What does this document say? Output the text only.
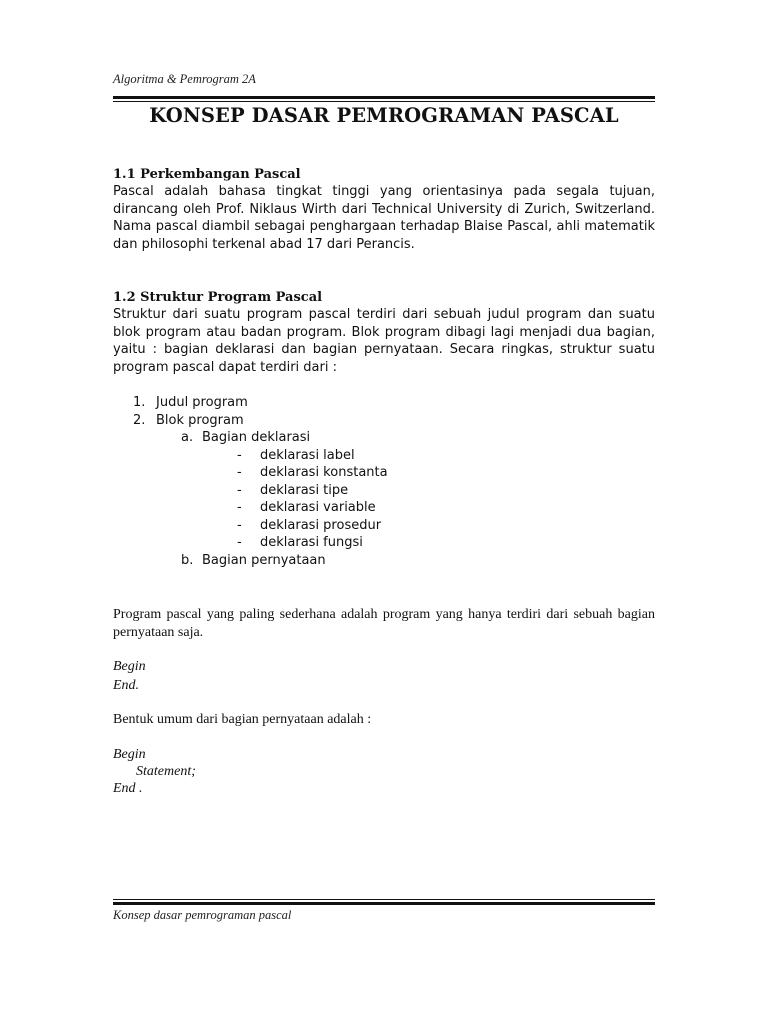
Algoritma & Pemrogram 2A
KONSEP DASAR PEMROGRAMAN PASCAL
1.1 Perkembangan Pascal
Pascal adalah bahasa tingkat tinggi yang orientasinya pada segala tujuan, dirancang oleh Prof. Niklaus Wirth dari Technical University di Zurich, Switzerland. Nama pascal diambil sebagai penghargaan terhadap Blaise Pascal, ahli matematik dan philosophi terkenal abad 17 dari Perancis.
1.2 Struktur Program Pascal
Struktur dari suatu program pascal terdiri dari sebuah judul program dan suatu blok program atau badan program. Blok program dibagi lagi menjadi dua bagian, yaitu : bagian deklarasi dan bagian pernyataan. Secara ringkas, struktur suatu program pascal dapat terdiri dari :
1. Judul program
2. Blok program
a. Bagian deklarasi
- deklarasi label
- deklarasi konstanta
- deklarasi tipe
- deklarasi variable
- deklarasi prosedur
- deklarasi fungsi
b. Bagian pernyataan
Program pascal yang paling sederhana adalah program yang hanya terdiri dari sebuah bagian pernyataan saja.
Begin
End.
Bentuk umum dari bagian pernyataan adalah :
Begin
Statement;
End .
Konsep dasar pemrograman pascal
